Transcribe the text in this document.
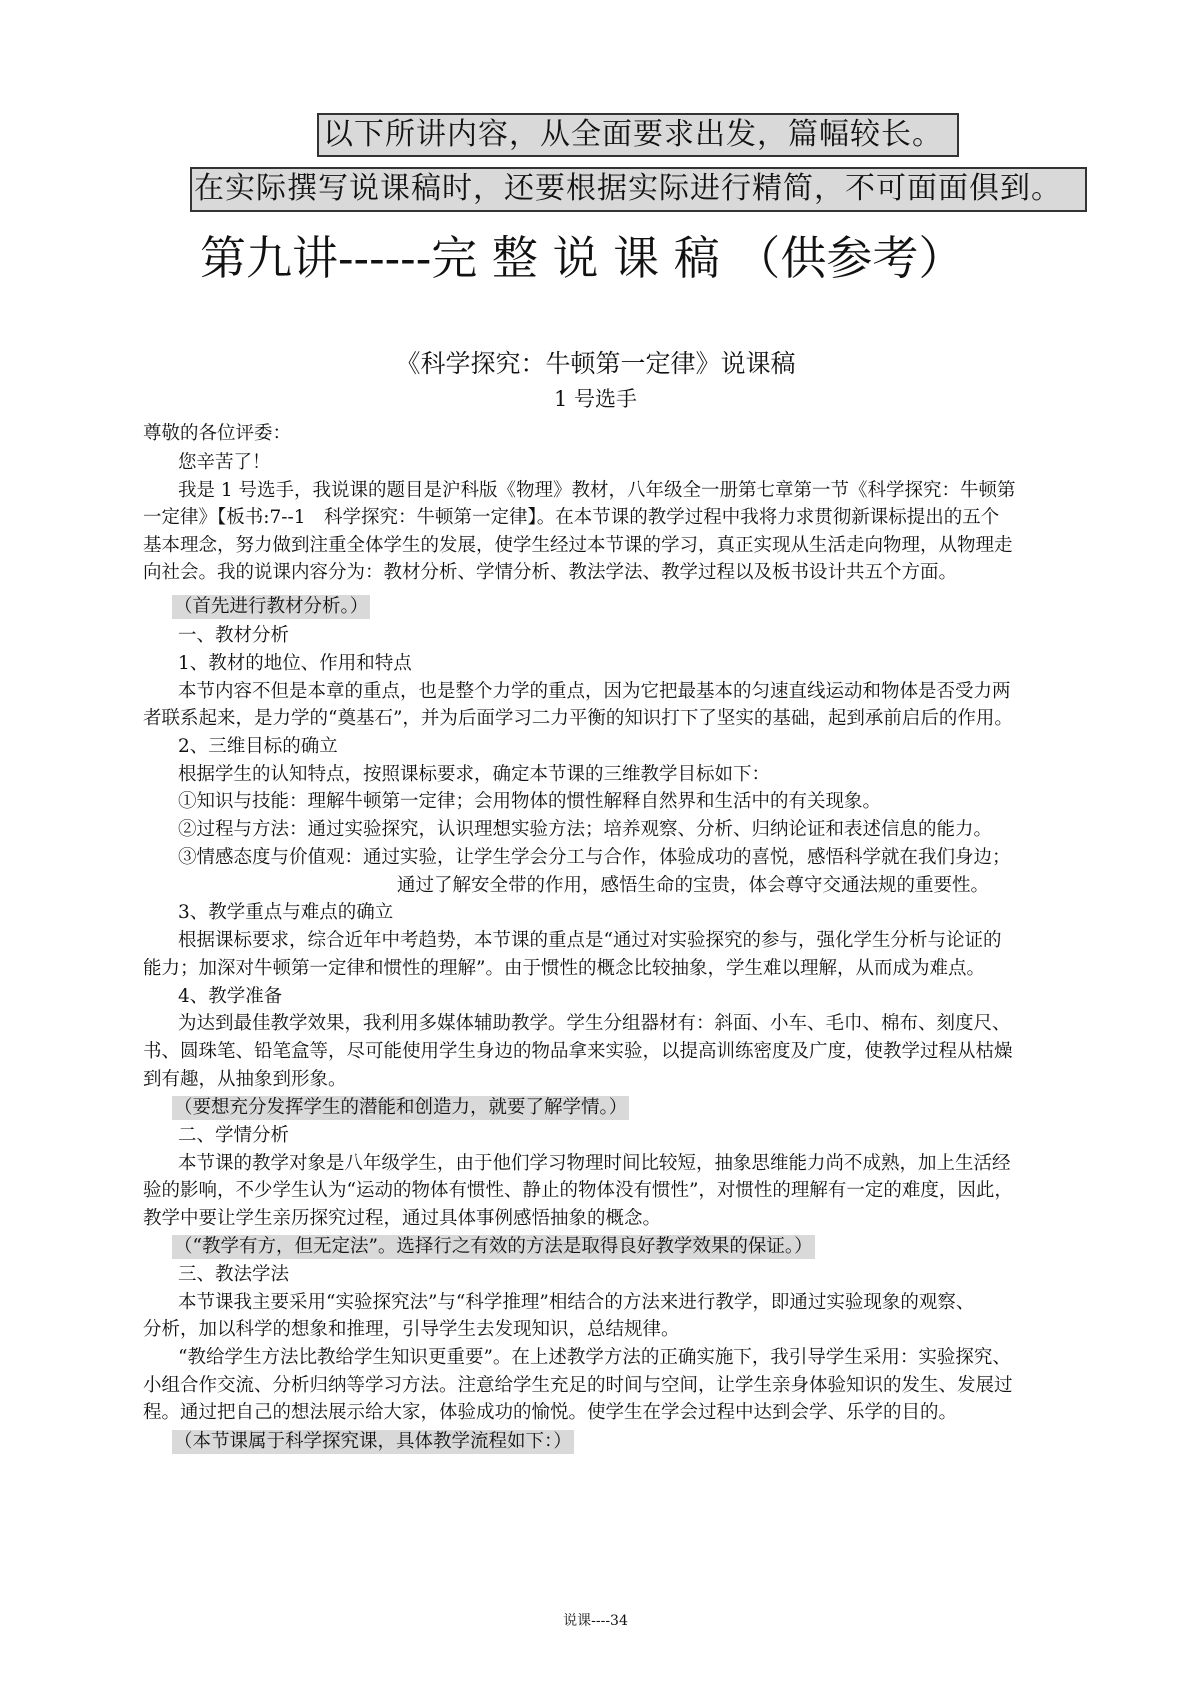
以下所讲内容，从全面要求出发，篇幅较长。
在实际撰写说课稿时，还要根据实际进行精简，不可面面俱到。
第九讲------完 整 说 课 稿 （供参考）
《科学探究：牛顿第一定律》说课稿
1 号选手
尊敬的各位评委：
您辛苦了！
我是 1 号选手，我说课的题目是沪科版《物理》教材，八年级全一册第七章第一节《科学探究：牛顿第
一定律》【板书:7--1　科学探究：牛顿第一定律】。在本节课的教学过程中我将力求贯彻新课标提出的五个
基本理念，努力做到注重全体学生的发展，使学生经过本节课的学习，真正实现从生活走向物理，从物理走
向社会。我的说课内容分为：教材分析、学情分析、教法学法、教学过程以及板书设计共五个方面。
（首先进行教材分析。）
一、教材分析
1、教材的地位、作用和特点
本节内容不但是本章的重点，也是整个力学的重点，因为它把最基本的匀速直线运动和物体是否受力两
者联系起来，是力学的“奠基石”，并为后面学习二力平衡的知识打下了坚实的基础，起到承前启后的作用。
2、三维目标的确立
根据学生的认知特点，按照课标要求，确定本节课的三维教学目标如下：
①知识与技能：理解牛顿第一定律；会用物体的惯性解释自然界和生活中的有关现象。
②过程与方法：通过实验探究，认识理想实验方法；培养观察、分析、归纳论证和表述信息的能力。
③情感态度与价值观：通过实验，让学生学会分工与合作，体验成功的喜悦，感悟科学就在我们身边；
通过了解安全带的作用，感悟生命的宝贵，体会尊守交通法规的重要性。
3、教学重点与难点的确立
根据课标要求，综合近年中考趋势，本节课的重点是“通过对实验探究的参与，强化学生分析与论证的
能力；加深对牛顿第一定律和惯性的理解”。由于惯性的概念比较抽象，学生难以理解，从而成为难点。
4、教学准备
为达到最佳教学效果，我利用多媒体辅助教学。学生分组器材有：斜面、小车、毛巾、棉布、刻度尺、
书、圆珠笔、铅笔盒等，尽可能使用学生身边的物品拿来实验，以提高训练密度及广度，使教学过程从枯燥
到有趣，从抽象到形象。
（要想充分发挥学生的潜能和创造力，就要了解学情。）
二、学情分析
本节课的教学对象是八年级学生，由于他们学习物理时间比较短，抽象思维能力尚不成熟，加上生活经
验的影响，不少学生认为“运动的物体有惯性、静止的物体没有惯性”，对惯性的理解有一定的难度，因此，
教学中要让学生亲历探究过程，通过具体事例感悟抽象的概念。
（“教学有方，但无定法”。选择行之有效的方法是取得良好教学效果的保证。）
三、教法学法
本节课我主要采用“实验探究法”与“科学推理”相结合的方法来进行教学，即通过实验现象的观察、
分析，加以科学的想象和推理，引导学生去发现知识，总结规律。
“教给学生方法比教给学生知识更重要”。在上述教学方法的正确实施下，我引导学生采用：实验探究、
小组合作交流、分析归纳等学习方法。注意给学生充足的时间与空间，让学生亲身体验知识的发生、发展过
程。通过把自己的想法展示给大家，体验成功的愉悦。使学生在学会过程中达到会学、乐学的目的。
（本节课属于科学探究课，具体教学流程如下：）
说课----34
